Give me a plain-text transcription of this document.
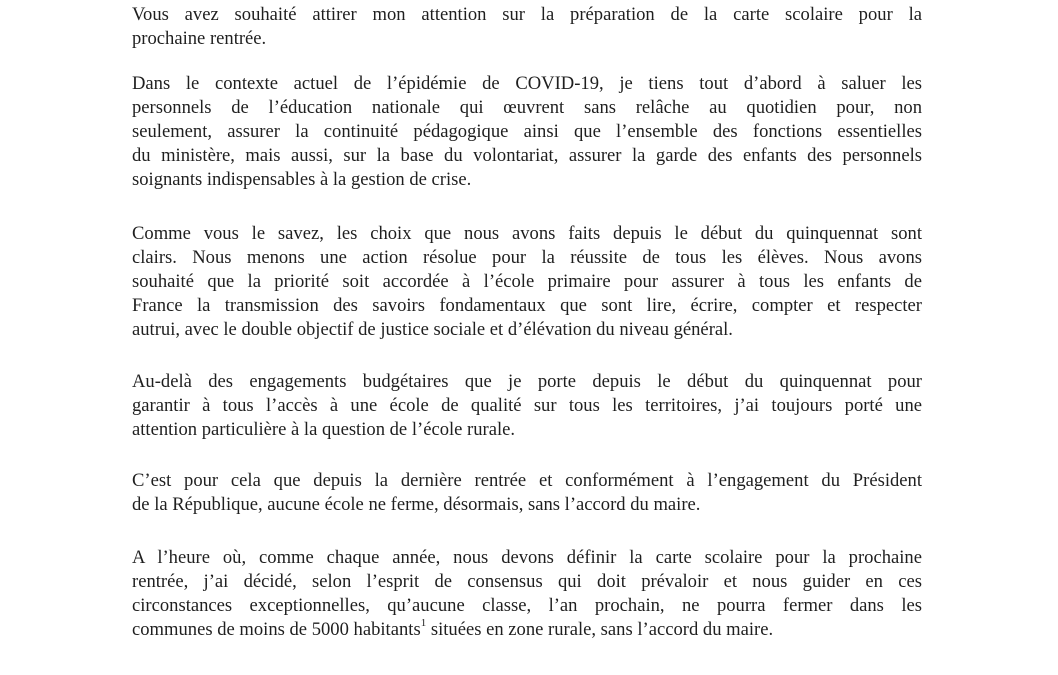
Vous avez souhaité attirer mon attention sur la préparation de la carte scolaire pour la
prochaine rentrée.

Dans le contexte actuel de l’épidémie de COVID-19, je tiens tout d’abord à saluer les
personnels de l’éducation nationale qui œuvrent sans relâche au quotidien pour, non
seulement, assurer la continuité pédagogique ainsi que l’ensemble des fonctions essentielles
du ministère, mais aussi, sur la base du volontariat, assurer la garde des enfants des personnels
soignants indispensables à la gestion de crise.

Comme vous le savez, les choix que nous avons faits depuis le début du quinquennat sont
clairs. Nous menons une action résolue pour la réussite de tous les élèves. Nous avons
souhaité que la priorité soit accordée à l’école primaire pour assurer à tous les enfants de
France la transmission des savoirs fondamentaux que sont lire, écrire, compter et respecter
autrui, avec le double objectif de justice sociale et d’élévation du niveau général.

Au-delà des engagements budgétaires que je porte depuis le début du quinquennat pour
garantir à tous l’accès à une école de qualité sur tous les territoires, j’ai toujours porté une
attention particulière à la question de l’école rurale.

C’est pour cela que depuis la dernière rentrée et conformément à l’engagement du Président
de la République, aucune école ne ferme, désormais, sans l’accord du maire.

A l’heure où, comme chaque année, nous devons définir la carte scolaire pour la prochaine
rentrée, j’ai décidé, selon l’esprit de consensus qui doit prévaloir et nous guider en ces
circonstances exceptionnelles, qu’aucune classe, l’an prochain, ne pourra fermer dans les
communes de moins de 5000 habitants$^1$ situées en zone rurale, sans l’accord du maire.
